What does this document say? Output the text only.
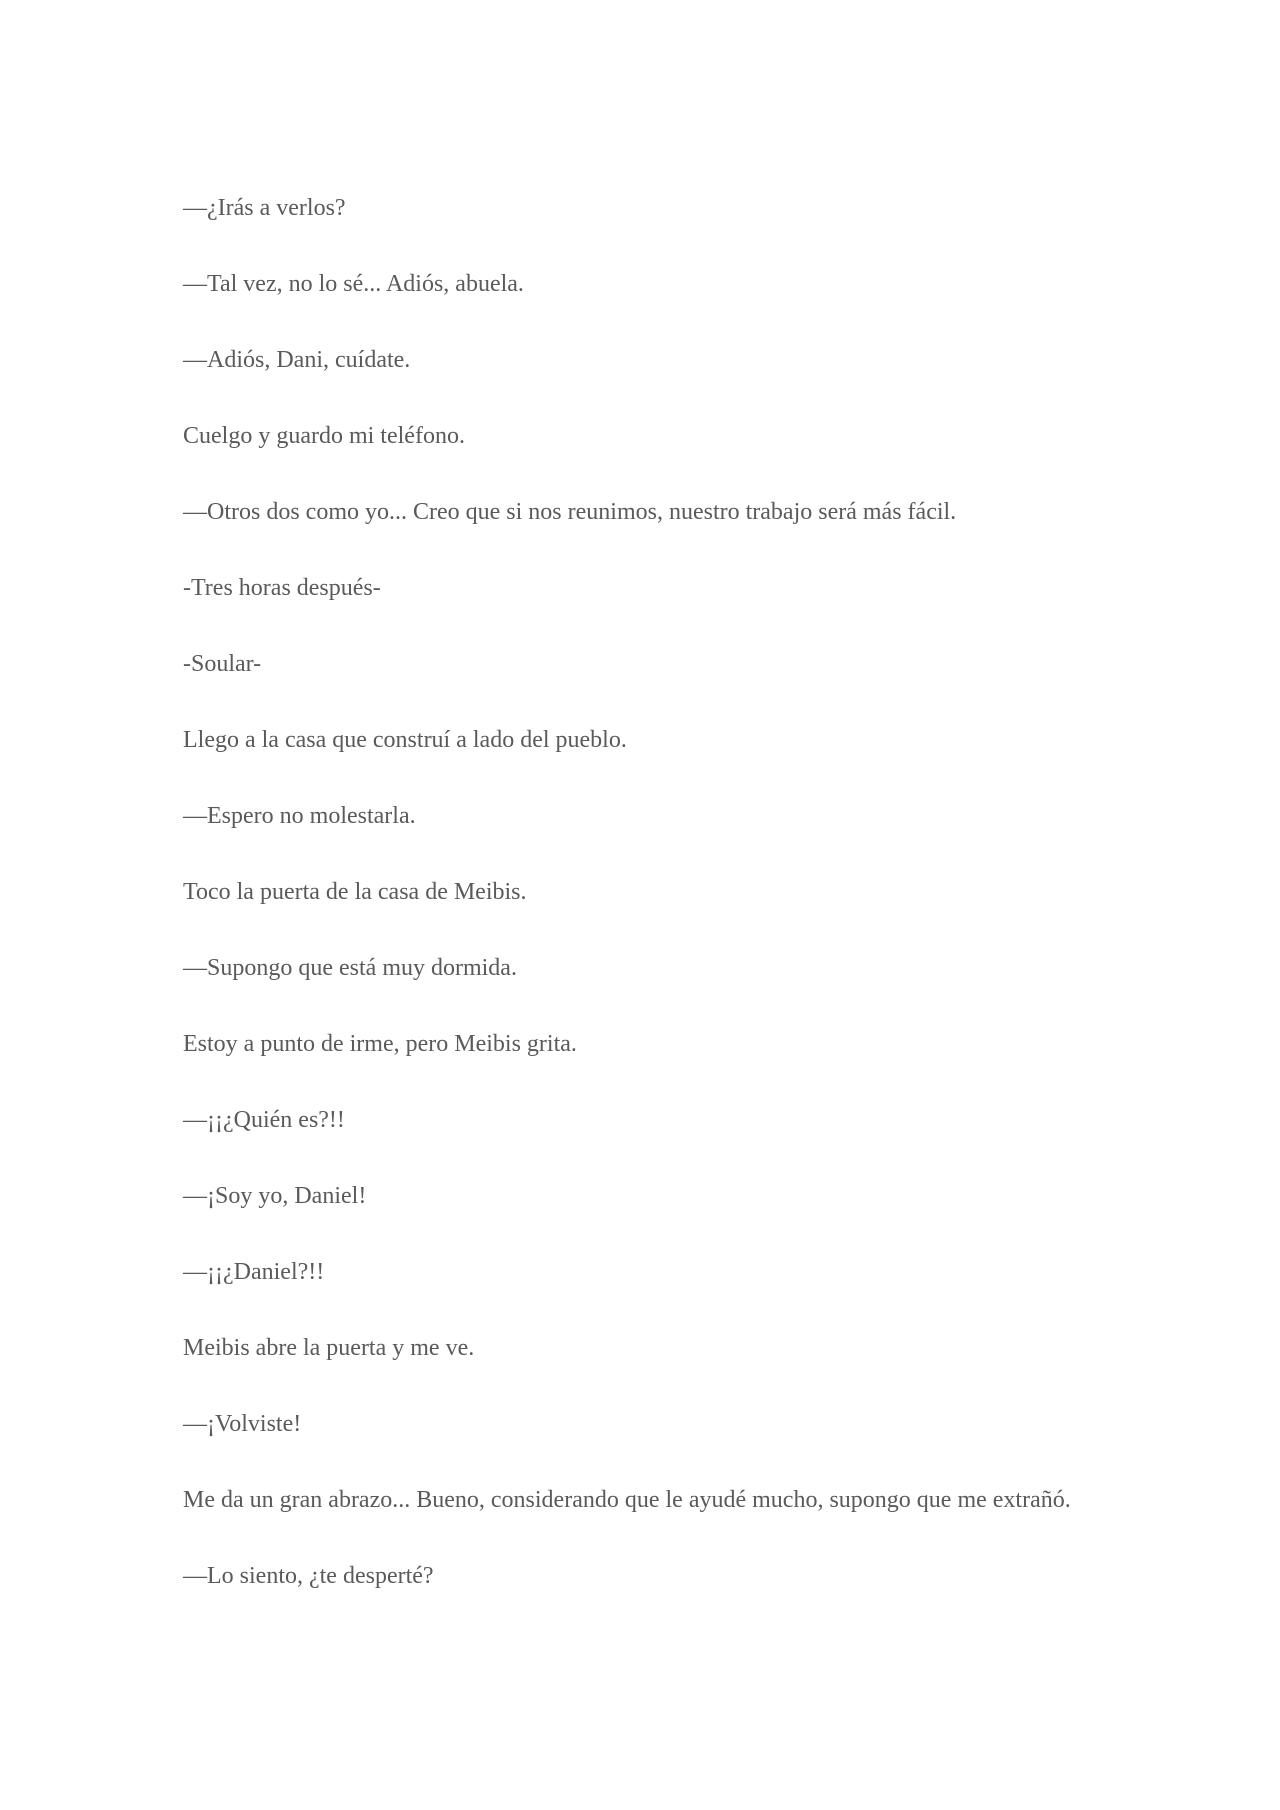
—¿Irás a verlos?

—Tal vez, no lo sé... Adiós, abuela.

—Adiós, Dani, cuídate.

Cuelgo y guardo mi teléfono.

—Otros dos como yo... Creo que si nos reunimos, nuestro trabajo será más fácil.

-Tres horas después-

-Soular-

Llego a la casa que construí a lado del pueblo.

—Espero no molestarla.

Toco la puerta de la casa de Meibis.

—Supongo que está muy dormida.

Estoy a punto de irme, pero Meibis grita.

—¡¡¿Quién es?!!

—¡Soy yo, Daniel!

—¡¡¿Daniel?!!

Meibis abre la puerta y me ve.

—¡Volviste!

Me da un gran abrazo... Bueno, considerando que le ayudé mucho, supongo que me extrañó.

—Lo siento, ¿te desperté?
